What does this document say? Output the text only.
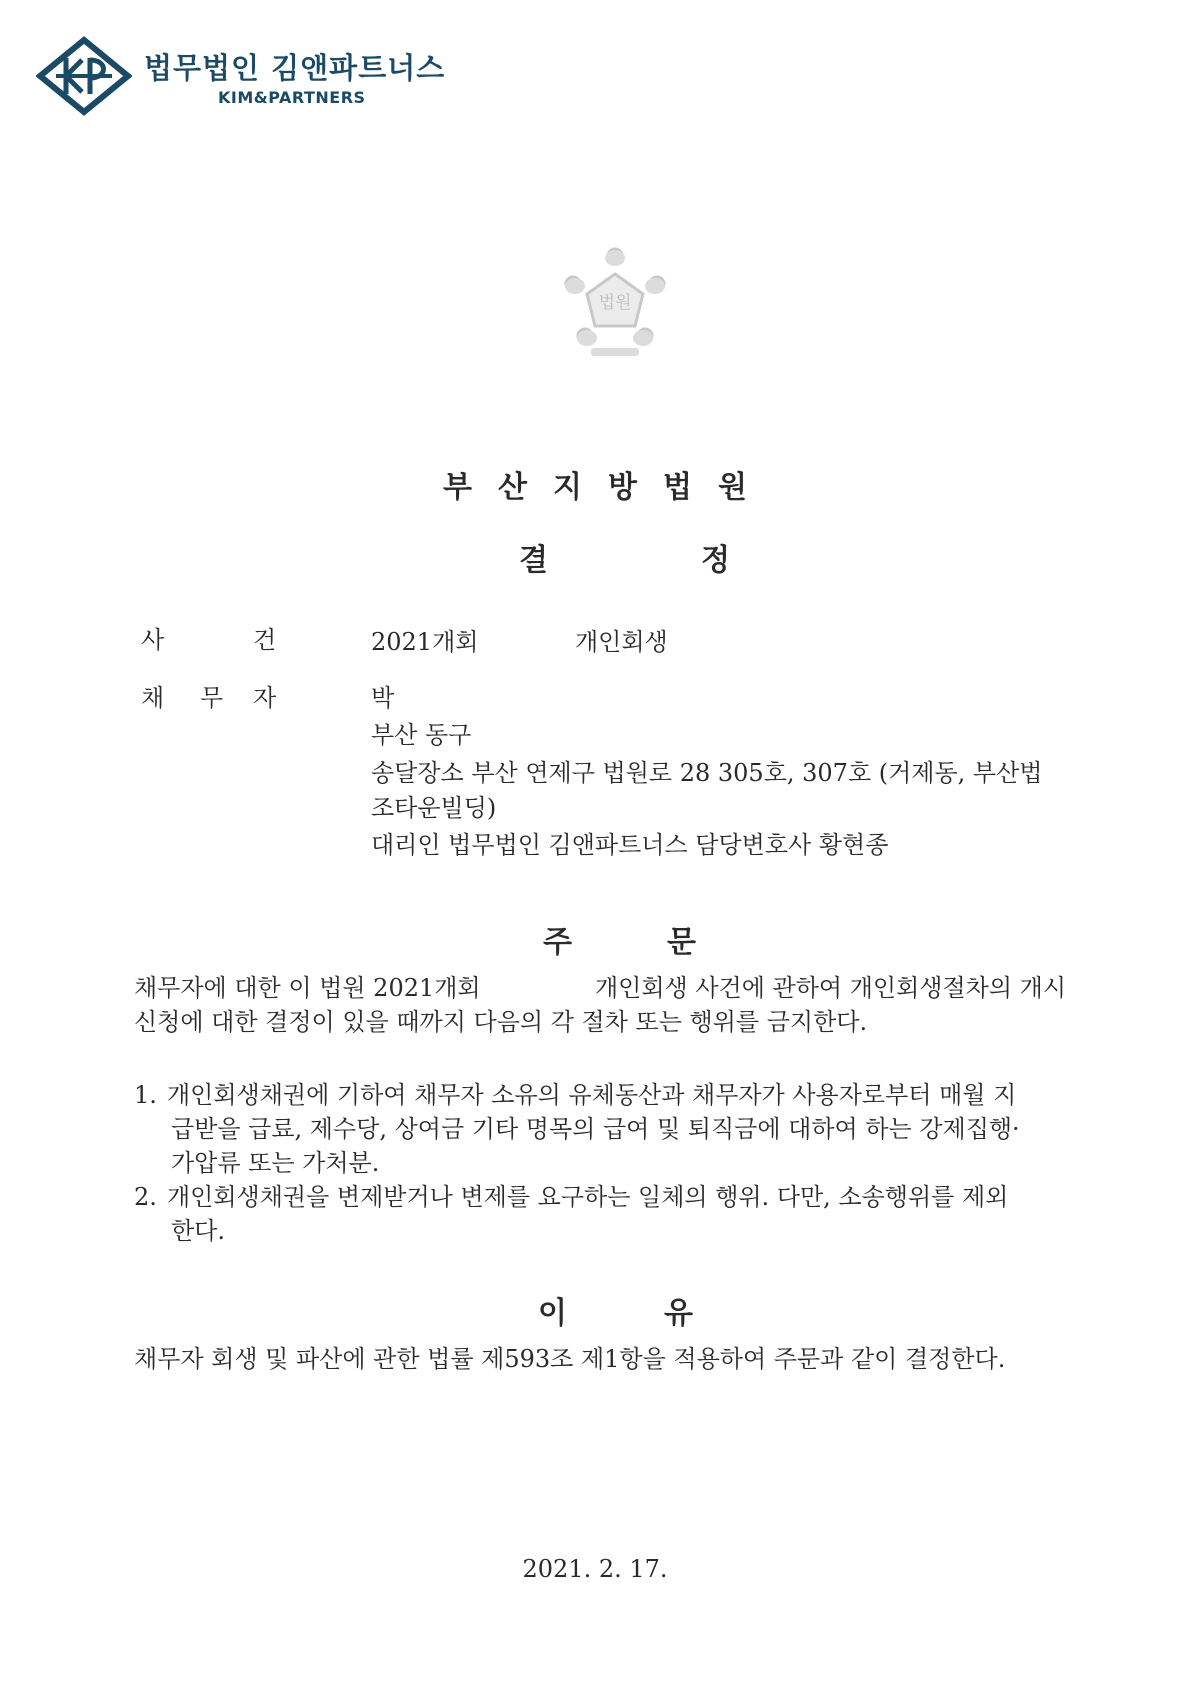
법무법인 김앤파트너스
KIM&PARTNERS
법원
부산지방법원
결	정
사	건	2021개회	개인회생
채 무 자	박
부산 동구
송달장소 부산 연제구 법원로 28 305호, 307호 (거제동, 부산법
조타운빌딩)
대리인 법무법인 김앤파트너스 담당변호사 황현종
주	문
채무자에 대한 이 법원 2021개회	개인회생 사건에 관하여 개인회생절차의 개시
신청에 대한 결정이 있을 때까지 다음의 각 절차 또는 행위를 금지한다.
1. 개인회생채권에 기하여 채무자 소유의 유체동산과 채무자가 사용자로부터 매월 지
급받을 급료, 제수당, 상여금 기타 명목의 급여 및 퇴직금에 대하여 하는 강제집행·
가압류 또는 가처분.
2. 개인회생채권을 변제받거나 변제를 요구하는 일체의 행위. 다만, 소송행위를 제외
한다.
이	유
채무자 회생 및 파산에 관한 법률 제593조 제1항을 적용하여 주문과 같이 결정한다.
2021. 2. 17.
